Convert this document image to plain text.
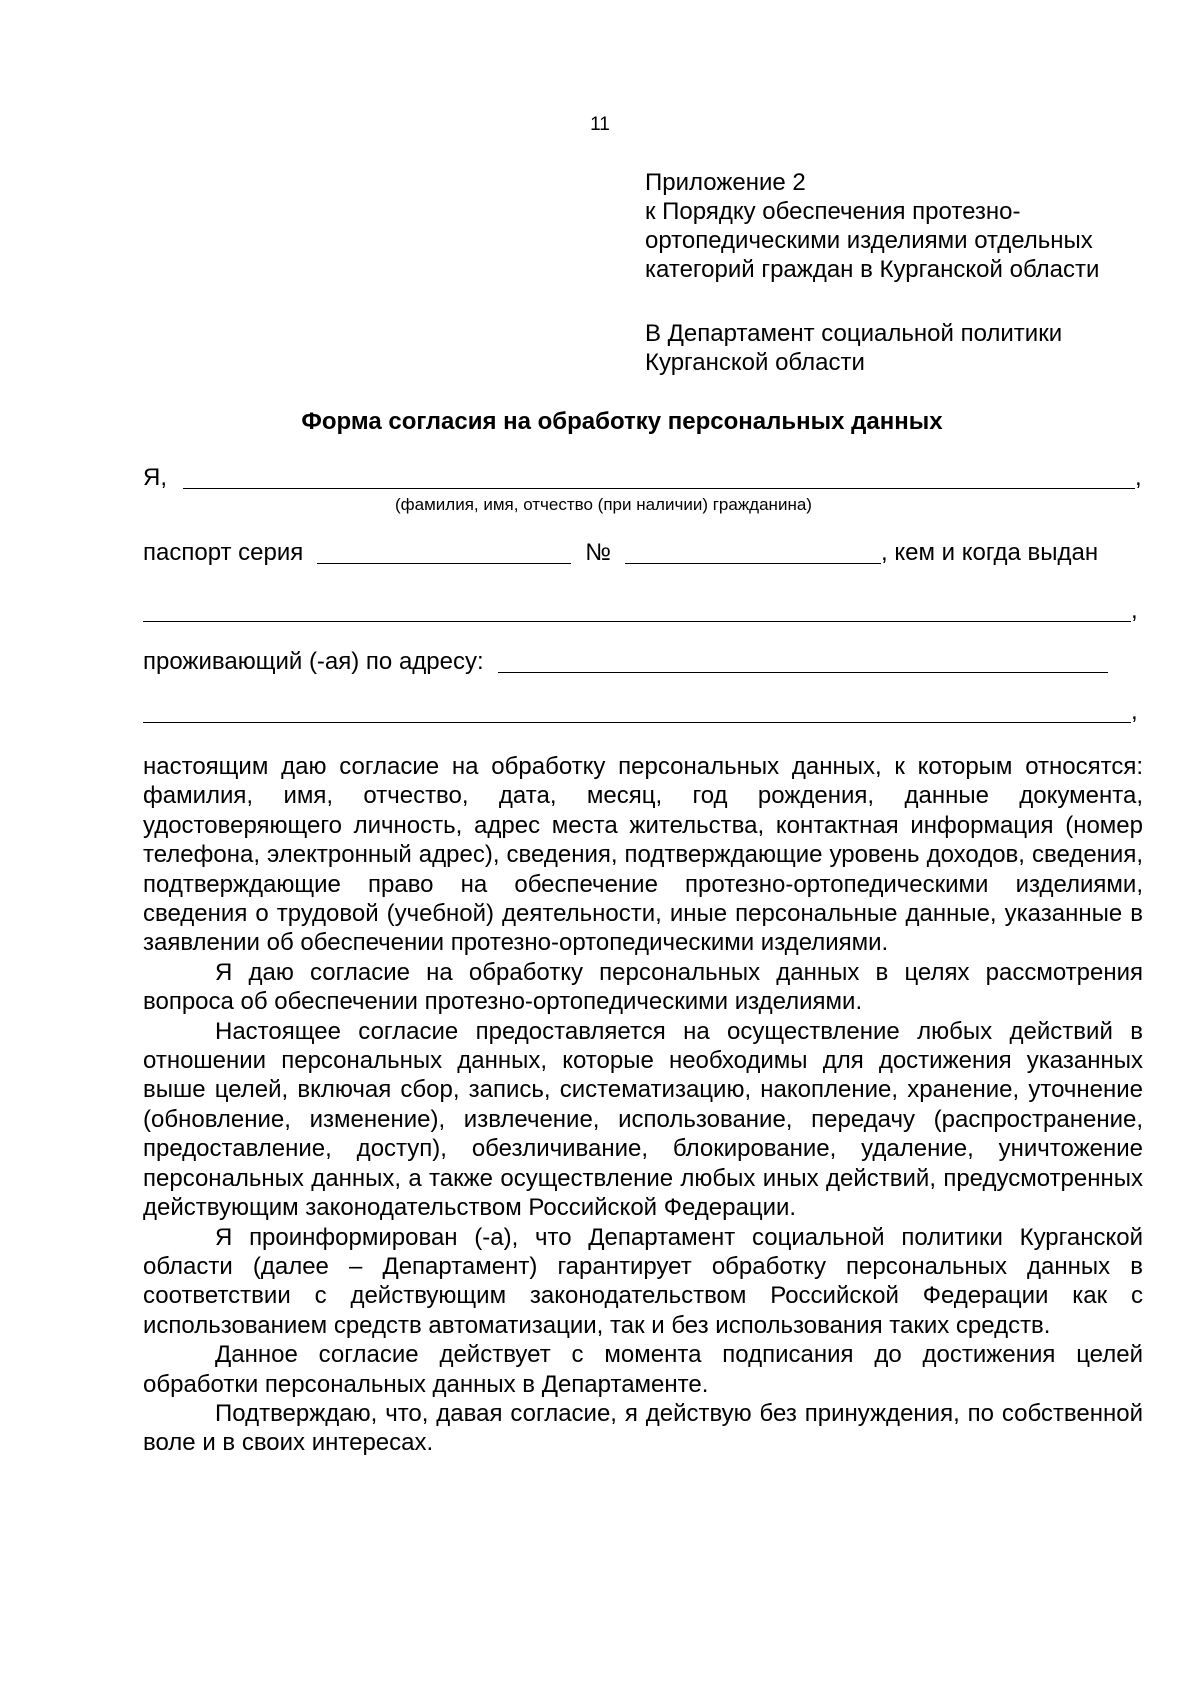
11
Приложение 2
к Порядку обеспечения протезно-
ортопедическими изделиями отдельных
категорий граждан в Курганской области
В Департамент социальной политики
Курганской области
Форма согласия на обработку персональных данных
Я,	,
(фамилия, имя, отчество (при наличии) гражданина)
паспорт серия	№	, кем и когда выдан
,
проживающий (-ая) по адресу:
,

настоящим даю согласие на обработку персональных данных, к которым относятся: фамилия, имя, отчество, дата, месяц, год рождения, данные документа, удостоверяющего личность, адрес места жительства, контактная информация (номер телефона, электронный адрес), сведения, подтверждающие уровень доходов, сведения, подтверждающие право на обеспечение протезно-ортопедическими изделиями, сведения о трудовой (учебной) деятельности, иные персональные данные, указанные в заявлении об обеспечении протезно-ортопедическими изделиями.

Я даю согласие на обработку персональных данных в целях рассмотрения вопроса об обеспечении протезно-ортопедическими изделиями.

Настоящее согласие предоставляется на осуществление любых действий в отношении персональных данных, которые необходимы для достижения указанных выше целей, включая сбор, запись, систематизацию, накопление, хранение, уточнение (обновление, изменение), извлечение, использование, передачу (распространение, предоставление, доступ), обезличивание, блокирование, удаление, уничтожение персональных данных, а также осуществление любых иных действий, предусмотренных действующим законодательством Российской Федерации.

Я проинформирован (-а), что Департамент социальной политики Курганской области (далее – Департамент) гарантирует обработку персональных данных в соответствии с действующим законодательством Российской Федерации как с использованием средств автоматизации, так и без использования таких средств.

Данное согласие действует с момента подписания до достижения целей обработки персональных данных в Департаменте.

Подтверждаю, что, давая согласие, я действую без принуждения, по собственной воле и в своих интересах.
